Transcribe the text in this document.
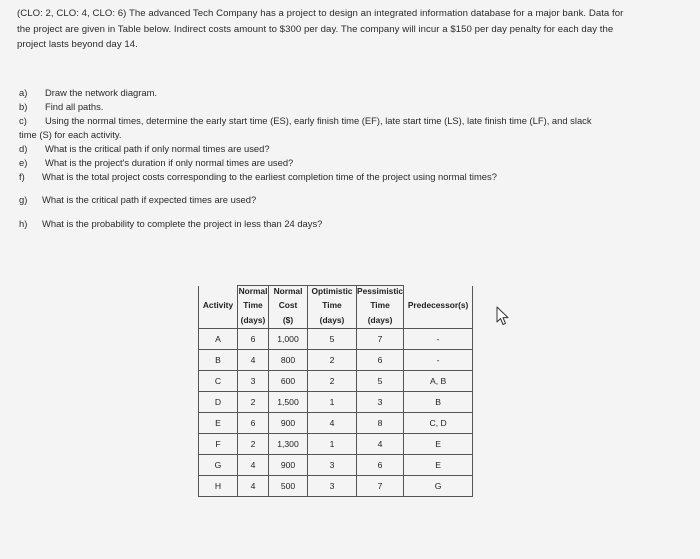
(CLO: 2, CLO: 4, CLO: 6) The advanced Tech Company has a project to design an integrated information database for a major bank. Data for
the project are given in Table below. Indirect costs amount to $300 per day. The company will incur a $150 per day penalty for each day the
project lasts beyond day 14.
a) Draw the network diagram.
b) Find all paths.
c) Using the normal times, determine the early start time (ES), early finish time (EF), late start time (LS), late finish time (LF), and slack
time (S) for each activity.
d) What is the critical path if only normal times are used?
e) What is the project's duration if only normal times are used?
f) What is the total project costs corresponding to the earliest completion time of the project using normal times?
g) What is the critical path if expected times are used?
h) What is the probability to complete the project in less than 24 days?
	Normal	Normal	Optimistic	Pessimistic	
Activity	Time	Cost	Time	Time	Predecessor(s)
	(days)	($)	(days)	(days)	
A	6	1,000	5	7	-
B	4	800	2	6	-
C	3	600	2	5	A, B
D	2	1,500	1	3	B
E	6	900	4	8	C, D
F	2	1,300	1	4	E
G	4	900	3	6	E
H	4	500	3	7	G
